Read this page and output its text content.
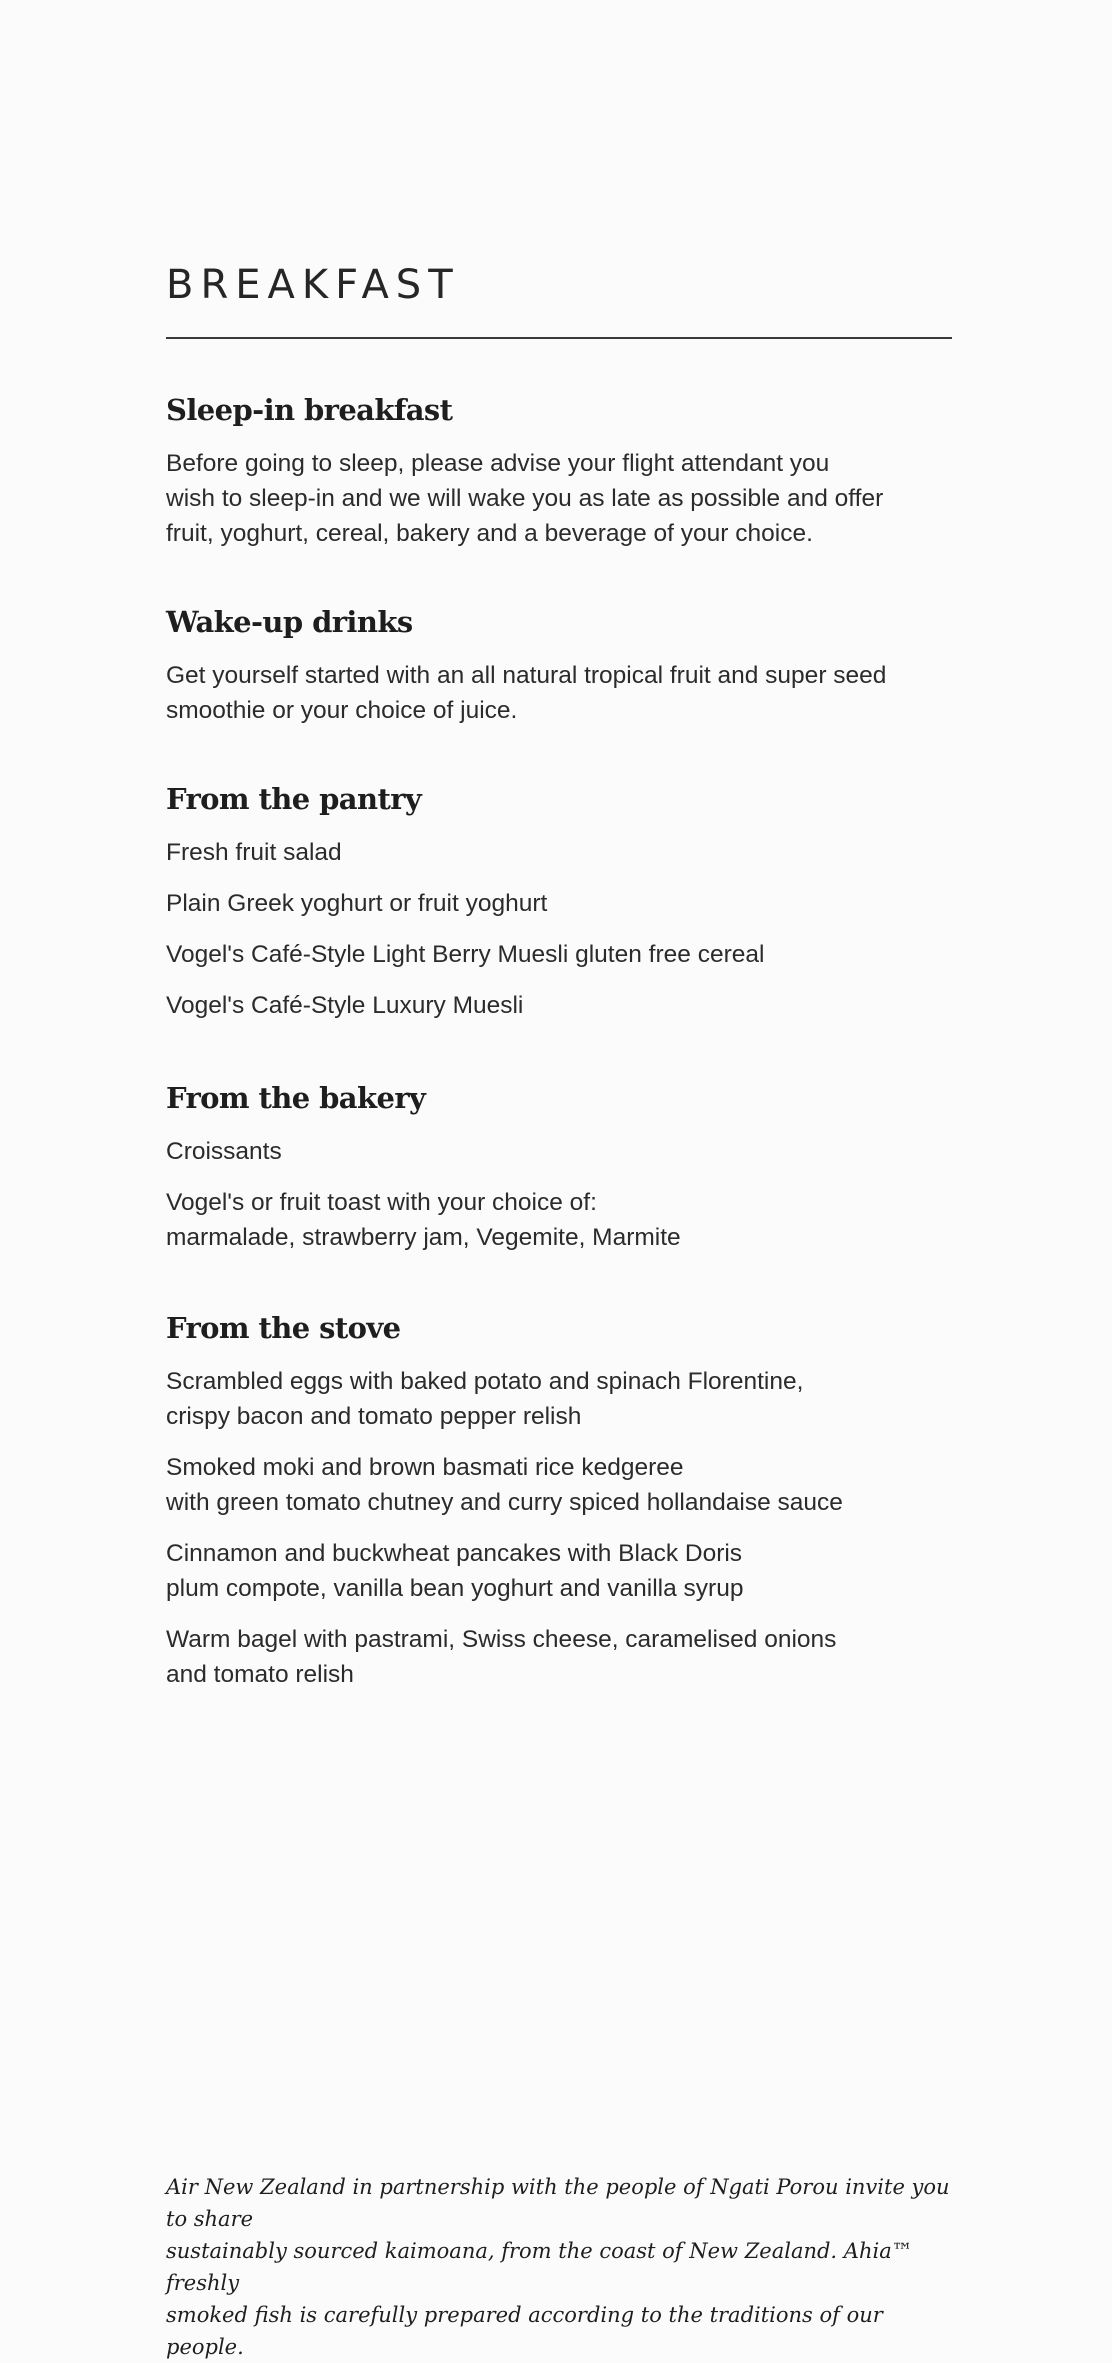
BREAKFAST
Sleep-in breakfast

Before going to sleep, please advise your flight attendant you
wish to sleep-in and we will wake you as late as possible and offer
fruit, yoghurt, cereal, bakery and a beverage of your choice.

Wake-up drinks

Get yourself started with an all natural tropical fruit and super seed
smoothie or your choice of juice.

From the pantry

Fresh fruit salad

Plain Greek yoghurt or fruit yoghurt

Vogel's Café-Style Light Berry Muesli gluten free cereal

Vogel's Café-Style Luxury Muesli

From the bakery

Croissants

Vogel's or fruit toast with your choice of:
marmalade, strawberry jam, Vegemite, Marmite

From the stove

Scrambled eggs with baked potato and spinach Florentine,
crispy bacon and tomato pepper relish

Smoked moki and brown basmati rice kedgeree
with green tomato chutney and curry spiced hollandaise sauce

Cinnamon and buckwheat pancakes with Black Doris
plum compote, vanilla bean yoghurt and vanilla syrup

Warm bagel with pastrami, Swiss cheese, caramelised onions
and tomato relish

Air New Zealand in partnership with the people of Ngati Porou invite you to share
sustainably sourced kaimoana, from the coast of New Zealand. Ahia™ freshly
smoked fish is carefully prepared according to the traditions of our people.
